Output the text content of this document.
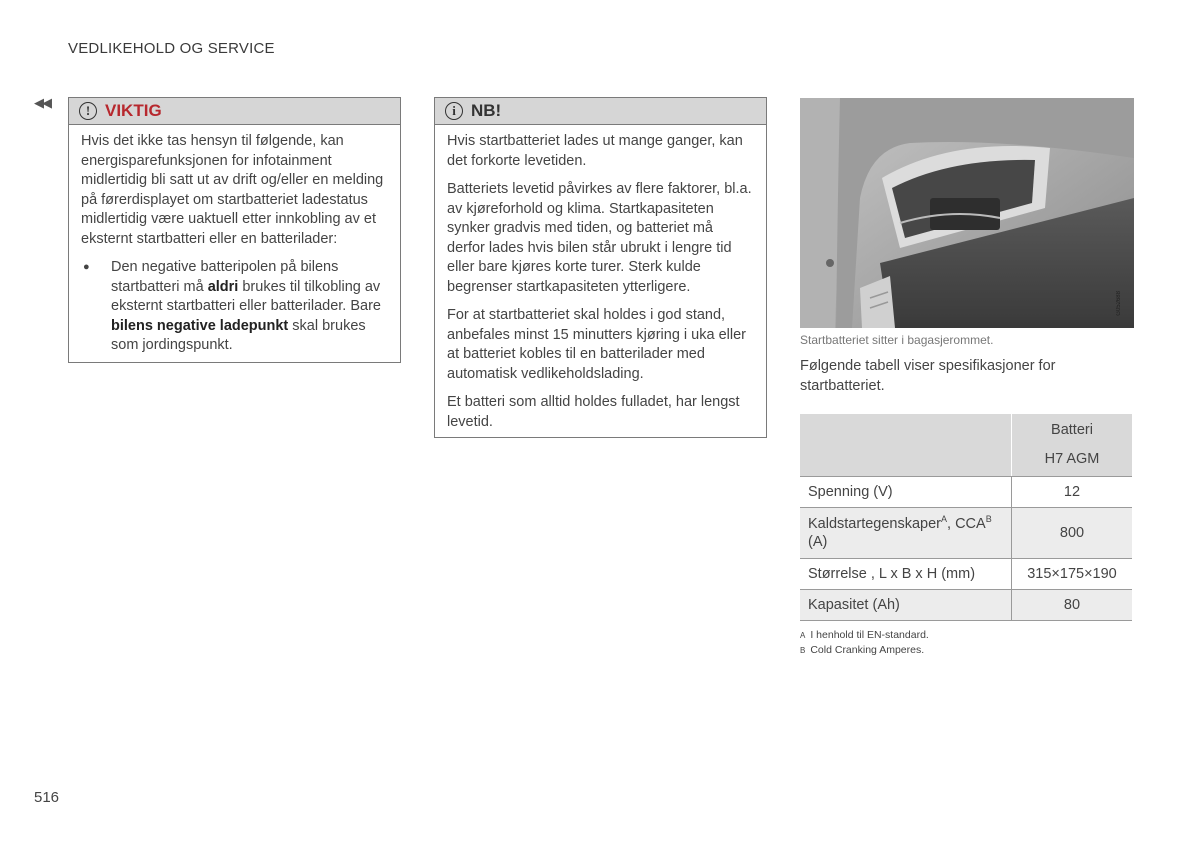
VEDLIKEHOLD OG SERVICE
◀◀
! VIKTIG

Hvis det ikke tas hensyn til følgende, kan energisparefunksjonen for infotainment midlertidig bli satt ut av drift og/eller en melding på førerdisplayet om startbatteriet ladestatus midlertidig være uaktuell etter innkobling av et eksternt startbatteri eller en batterilader:

●	Den negative batteripolen på bilens startbatteri må aldri brukes til tilkobling av eksternt startbatteri eller batterilader. Bare bilens negative ladepunkt skal brukes som jordingspunkt.
i NB!

Hvis startbatteriet lades ut mange ganger, kan det forkorte levetiden.

Batteriets levetid påvirkes av flere faktorer, bl.a. av kjøreforhold og klima. Startkapasiteten synker gradvis med tiden, og batteriet må derfor lades hvis bilen står ubrukt i lengre tid eller bare kjøres korte turer. Sterk kulde begrenser startkapasiteten ytterligere.

For at startbatteriet skal holdes i god stand, anbefales minst 15 minutters kjøring i uka eller at batteriet kobles til en batterilader med automatisk vedlikeholdslading.

Et batteri som alltid holdes fulladet, har lengst levetid.

G052688
Startbatteriet sitter i bagasjerommet.
Følgende tabell viser spesifikasjoner for startbatteriet.

	Batteri
H7 AGM

Spenning (V)	12
Kaldstartegenskaper$^A$, $CCA^B$ (A)	800
Størrelse , L x B x H (mm)	315×175×190
Kapasitet (Ah)	80
A I henhold til EN-standard.
B Cold Cranking Amperes.
516
